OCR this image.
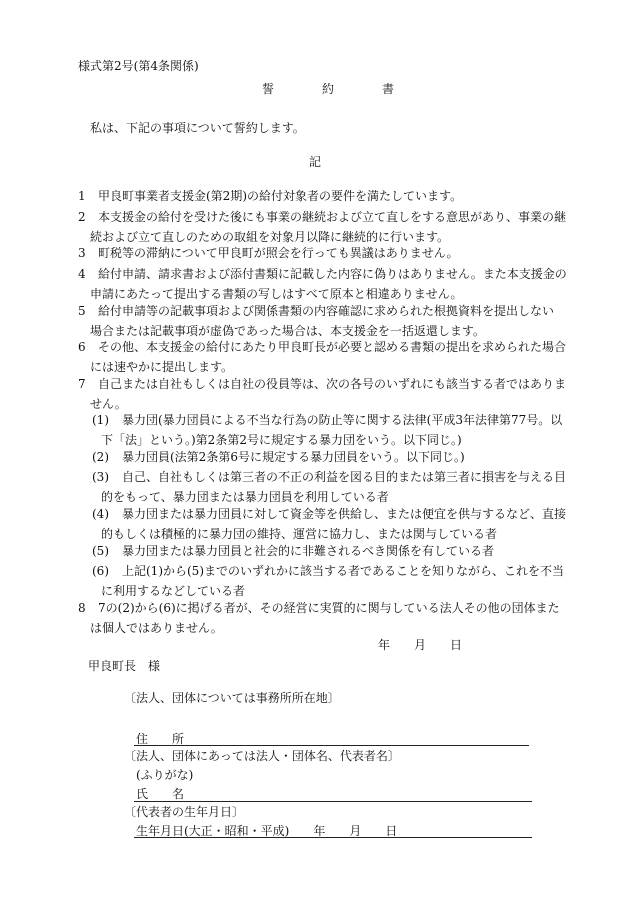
様式第2号(第4条関係)
誓　約　書
私は、下記の事項について誓約します。
記
1 甲良町事業者支援金(第2期)の給付対象者の要件を満たしています。
2 本支援金の給付を受けた後にも事業の継続および立て直しをする意思があり、事業の継
続および立て直しのための取組を対象月以降に継続的に行います。
3 町税等の滞納について甲良町が照会を行っても異議はありません。
4 給付申請、請求書および添付書類に記載した内容に偽りはありません。また本支援金の
申請にあたって提出する書類の写しはすべて原本と相違ありません。
5 給付申請等の記載事項および関係書類の内容確認に求められた根拠資料を提出しない
場合または記載事項が虚偽であった場合は、本支援金を一括返還します。
6 その他、本支援金の給付にあたり甲良町長が必要と認める書類の提出を求められた場合
には速やかに提出します。
7 自己または自社もしくは自社の役員等は、次の各号のいずれにも該当する者ではありま
せん。
(1) 暴力団(暴力団員による不当な行為の防止等に関する法律(平成3年法律第77号。以
下「法」という。)第2条第2号に規定する暴力団をいう。以下同じ。)
(2) 暴力団員(法第2条第6号に規定する暴力団員をいう。以下同じ。)
(3) 自己、自社もしくは第三者の不正の利益を図る目的または第三者に損害を与える目
的をもって、暴力団または暴力団員を利用している者
(4) 暴力団または暴力団員に対して資金等を供給し、または便宜を供与するなど、直接
的もしくは積極的に暴力団の維持、運営に協力し、または関与している者
(5) 暴力団または暴力団員と社会的に非難されるべき関係を有している者
(6) 上記(1)から(5)までのいずれかに該当する者であることを知りながら、これを不当
に利用するなどしている者
8 7の(2)から(6)に掲げる者が、その経営に実質的に関与している法人その他の団体また
は個人ではありません。
年　　月　　日
甲良町長　様
〔法人、団体については事務所所在地〕
住　　所
〔法人、団体にあっては法人・団体名、代表者名〕
(ふりがな)
氏　　名
〔代表者の生年月日〕
生年月日(大正・昭和・平成)　　年　　月　　日
